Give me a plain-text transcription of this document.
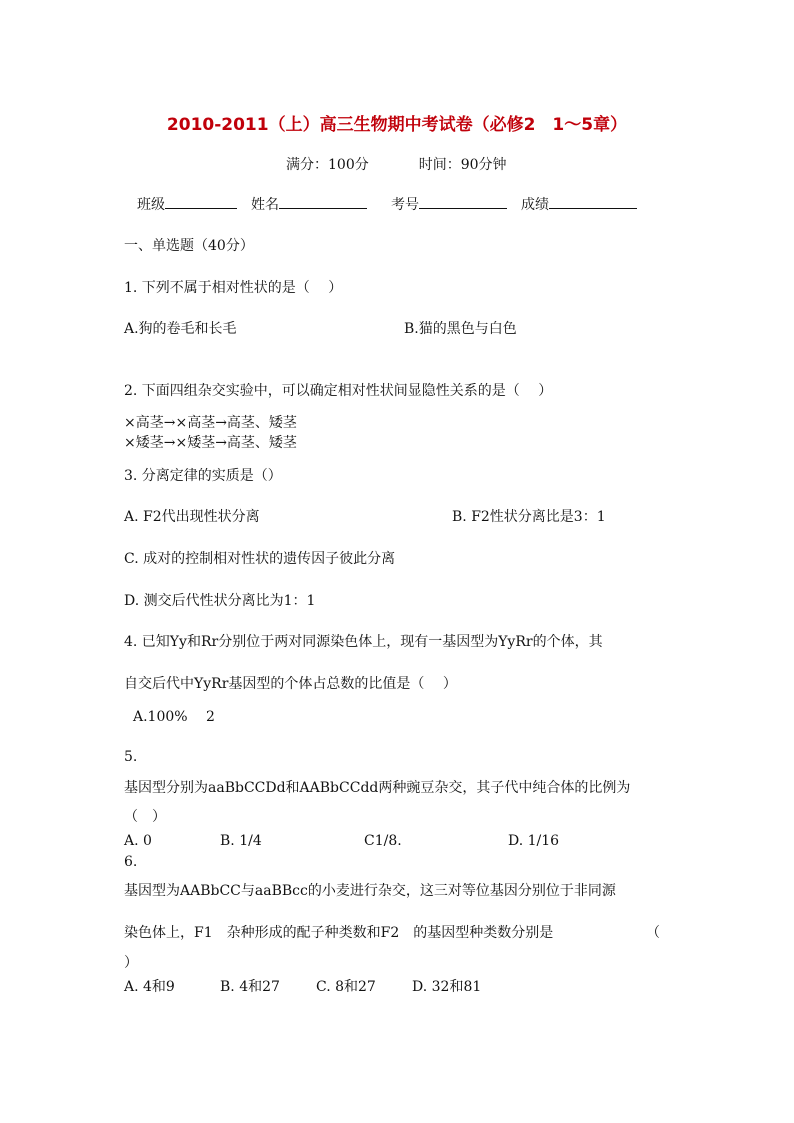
2010-2011（上）高三生物期中考试卷（必修2　1～5章）
满分：100分	时间：90分钟
班级	姓名	考号	成绩
一、单选题（40分）
1. 下列不属于相对性状的是（　 ）
A.狗的卷毛和长毛	B.猫的黑色与白色
2. 下面四组杂交实验中，可以确定相对性状间显隐性关系的是（　 ）
×高茎→×高茎→高茎、矮茎
×矮茎→×矮茎→高茎、矮茎
3. 分离定律的实质是（）
A. F2代出现性状分离	B. F2性状分离比是3：1
C. 成对的控制相对性状的遗传因子彼此分离
D. 测交后代性状分离比为1：1
4. 已知Yy和Rr分别位于两对同源染色体上，现有一基因型为YyRr的个体，其
自交后代中YyRr基因型的个体占总数的比值是（　 ）
A.100%　 2
5.
基因型分别为aaBbCCDd和AABbCCdd两种豌豆杂交，其子代中纯合体的比例为
（　）
A. 0	B. 1/4	C1/8.	D. 1/16
6.
基因型为AABbCC与aaBBcc的小麦进行杂交，这三对等位基因分别位于非同源
染色体上，F1　杂种形成的配子种类数和F2　的基因型种类数分别是	（
）
A. 4和9	B. 4和27	C. 8和27	D. 32和81
